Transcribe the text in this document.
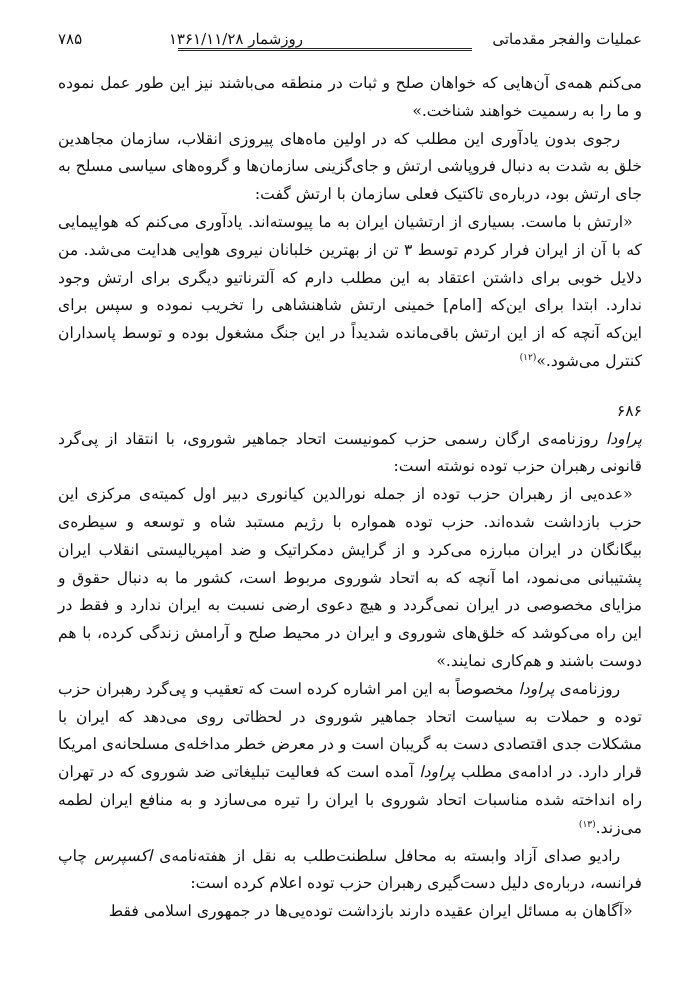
عملیات والفجر مقدماتی
روزشمار ۱۳۶۱/۱۱/۲۸
۷۸۵

می‌کنم همه‌ی آن‌هایی که خواهان صلح و ثبات در منطقه می‌باشند نیز این طور عمل نموده و ما را به رسمیت خواهند شناخت.»

رجوی بدون یادآوری این مطلب که در اولین ماه‌های پیروزی انقلاب، سازمان مجاهدین خلق به شدت به دنبال فروپاشی ارتش و جای‌گزینی سازمان‌ها و گروه‌های سیاسی مسلح به جای ارتش بود، درباره‌ی تاکتیک فعلی سازمان با ارتش گفت:

«ارتش با ماست. بسیاری از ارتشیان ایران به ما پیوسته‌اند. یادآوری می‌کنم که هواپیمایی که با آن از ایران فرار کردم توسط ۳ تن از بهترین خلبانان نیروی هوایی هدایت می‌شد. من دلایل خوبی برای داشتن اعتقاد به این مطلب دارم که آلترناتیو دیگری برای ارتش وجود ندارد. ابتدا برای این‌که [امام] خمینی ارتش شاهنشاهی را تخریب نموده و سپس برای این‌که آنچه که از این ارتش باقی‌مانده شدیداً در این جنگ مشغول بوده و توسط پاسداران کنترل می‌شود.»$^{(۱۲)}$

۶۸۶

پراودا روزنامه‌ی ارگان رسمی حزب کمونیست اتحاد جماهیر شوروی، با انتقاد از پی‌گرد قانونی رهبران حزب توده نوشته است:

«عده‌یی از رهبران حزب توده از جمله نورالدین کیانوری دبیر اول کمیته‌ی مرکزی این حزب بازداشت شده‌اند. حزب توده همواره با رژیم مستبد شاه و توسعه و سیطره‌ی بیگانگان در ایران مبارزه می‌کرد و از گرایش دمکراتیک و ضد امپریالیستی انقلاب ایران پشتیبانی می‌نمود، اما آنچه که به اتحاد شوروی مربوط است، کشور ما به دنبال حقوق و مزایای مخصوصی در ایران نمی‌گردد و هیچ دعوی ارضی نسبت به ایران ندارد و فقط در این راه می‌کوشد که خلق‌های شوروی و ایران در محیط صلح و آرامش زندگی کرده، با هم دوست باشند و هم‌کاری نمایند.»

روزنامه‌ی پراودا مخصوصاً به این امر اشاره کرده است که تعقیب و پی‌گرد رهبران حزب توده و حملات به سیاست اتحاد جماهیر شوروی در لحظاتی روی می‌دهد که ایران با مشکلات جدی اقتصادی دست به گریبان است و در معرض خطر مداخله‌ی مسلحانه‌ی امریکا قرار دارد. در ادامه‌ی مطلب پراودا آمده است که فعالیت تبلیغاتی ضد شوروی که در تهران راه انداخته شده مناسبات اتحاد شوروی با ایران را تیره می‌سازد و به منافع ایران لطمه می‌زند.$^{(۱۳)}$

رادیو صدای آزاد وابسته به محافل سلطنت‌طلب به نقل از هفته‌نامه‌ی اکسپرس چاپ فرانسه، درباره‌ی دلیل دست‌گیری رهبران حزب توده اعلام کرده است:

«آگاهان به مسائل ایران عقیده دارند بازداشت توده‌یی‌ها در جمهوری اسلامی فقط
